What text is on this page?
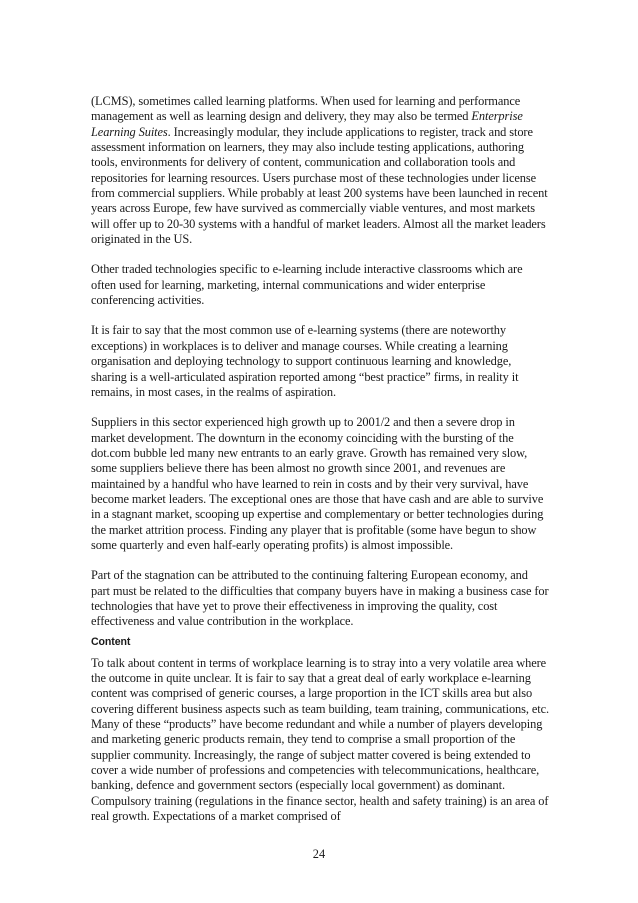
(LCMS), sometimes called learning platforms. When used for learning and performance management as well as learning design and delivery, they may also be termed Enterprise Learning Suites. Increasingly modular, they include applications to register, track and store assessment information on learners, they may also include testing applications, authoring tools, environments for delivery of content, communication and collaboration tools and repositories for learning resources. Users purchase most of these technologies under license from commercial suppliers. While probably at least 200 systems have been launched in recent years across Europe, few have survived as commercially viable ventures, and most markets will offer up to 20-30 systems with a handful of market leaders. Almost all the market leaders originated in the US.

Other traded technologies specific to e-learning include interactive classrooms which are often used for learning, marketing, internal communications and wider enterprise conferencing activities.

It is fair to say that the most common use of e-learning systems (there are noteworthy exceptions) in workplaces is to deliver and manage courses. While creating a learning organisation and deploying technology to support continuous learning and knowledge, sharing is a well-articulated aspiration reported among “best practice” firms, in reality it remains, in most cases, in the realms of aspiration.

Suppliers in this sector experienced high growth up to 2001/2 and then a severe drop in market development. The downturn in the economy coinciding with the bursting of the dot.com bubble led many new entrants to an early grave. Growth has remained very slow, some suppliers believe there has been almost no growth since 2001, and revenues are maintained by a handful who have learned to rein in costs and by their very survival, have become market leaders. The exceptional ones are those that have cash and are able to survive in a stagnant market, scooping up expertise and complementary or better technologies during the market attrition process. Finding any player that is profitable (some have begun to show some quarterly and even half-early operating profits) is almost impossible.

Part of the stagnation can be attributed to the continuing faltering European economy, and part must be related to the difficulties that company buyers have in making a business case for technologies that have yet to prove their effectiveness in improving the quality, cost effectiveness and value contribution in the workplace.

Content

To talk about content in terms of workplace learning is to stray into a very volatile area where the outcome in quite unclear. It is fair to say that a great deal of early workplace e-learning content was comprised of generic courses, a large proportion in the ICT skills area but also covering different business aspects such as team building, team training, communications, etc. Many of these “products” have become redundant and while a number of players developing and marketing generic products remain, they tend to comprise a small proportion of the supplier community. Increasingly, the range of subject matter covered is being extended to cover a wide number of professions and competencies with telecommunications, healthcare, banking, defence and government sectors (especially local government) as dominant. Compulsory training (regulations in the finance sector, health and safety training) is an area of real growth. Expectations of a market comprised of

24
